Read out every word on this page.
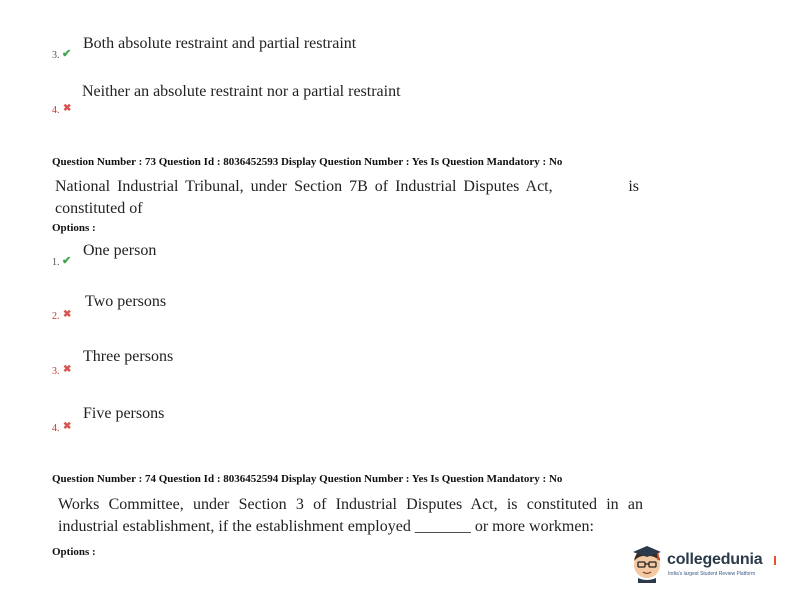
3. ✔
Both absolute restraint and partial restraint
4. ✖
Neither an absolute restraint nor a partial restraint
Question Number : 73 Question Id : 8036452593 Display Question Number : Yes Is Question Mandatory : No
National Industrial Tribunal, under Section 7B of Industrial Disputes Act,	is
constituted of
Options :
1. ✔
One person
2. ✖
Two persons
3. ✖
Three persons
4. ✖
Five persons
Question Number : 74 Question Id : 8036452594 Display Question Number : Yes Is Question Mandatory : No
Works Committee, under Section 3 of Industrial Disputes Act, is constituted in an
industrial establishment, if the establishment employed _______ or more workmen:
Options :	collegedunia
India's largest Student Review Platform
